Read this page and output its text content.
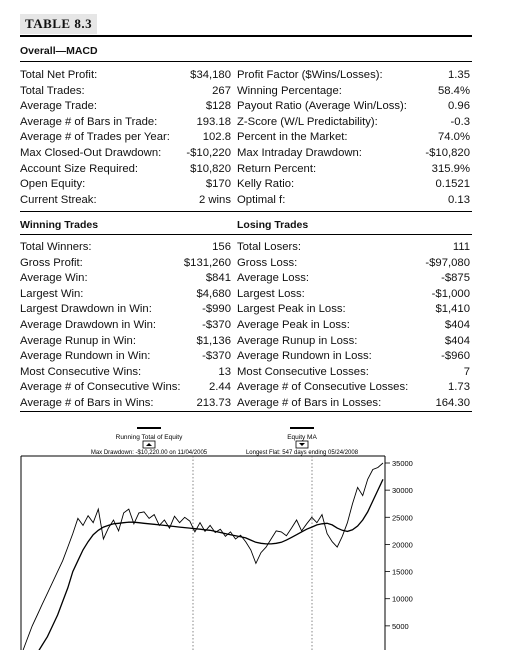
TABLE 8.3
Overall—MACD
Total Net Profit:	$34,180 Profit Factor ($Wins/Losses):	1.35
Total Trades:	267 Winning Percentage:	58.4%
Average Trade:	$128 Payout Ratio (Average Win/Loss):	0.96
Average # of Bars in Trade:	193.18 Z-Score (W/L Predictability):	-0.3
Average # of Trades per Year:	102.8 Percent in the Market:	74.0%
Max Closed-Out Drawdown: -$10,220 Max Intraday Drawdown:	-$10,820
Account Size Required:	$10,820 Return Percent:	315.9%
Open Equity:	$170 Kelly Ratio:	0.1521
Current Streak:	2 wins Optimal f:	0.13
Winning Trades	Losing Trades
Total Winners:	156 Total Losers:	111
Gross Profit:	$131,260 Gross Loss:	-$97,080
Average Win:	$841 Average Loss:	-$875
Largest Win:	$4,680 Largest Loss:	-$1,000
Largest Drawdown in Win:	-$990 Largest Peak in Loss:	$1,410
Average Drawdown in Win:	-$370 Average Peak in Loss:	$404
Average Runup in Win:	$1,136 Average Runup in Loss:	$404
Average Rundown in Win:	-$370 Average Rundown in Loss:	-$960
Most Consecutive Wins:	13 Most Consecutive Losses:	7
Average # of Consecutive Wins:	2.44 Average # of Consecutive Losses:	1.73
Average # of Bars in Wins:	213.73 Average # of Bars in Losses:	164.30
Running Total of Equity	Equity MA
Max Drawdown: -$10,220.00 on 11/04/2005	Longest Flat: 547 days ending 05/24/2008
35000
30000
25000
20000
15000
10000
5000
